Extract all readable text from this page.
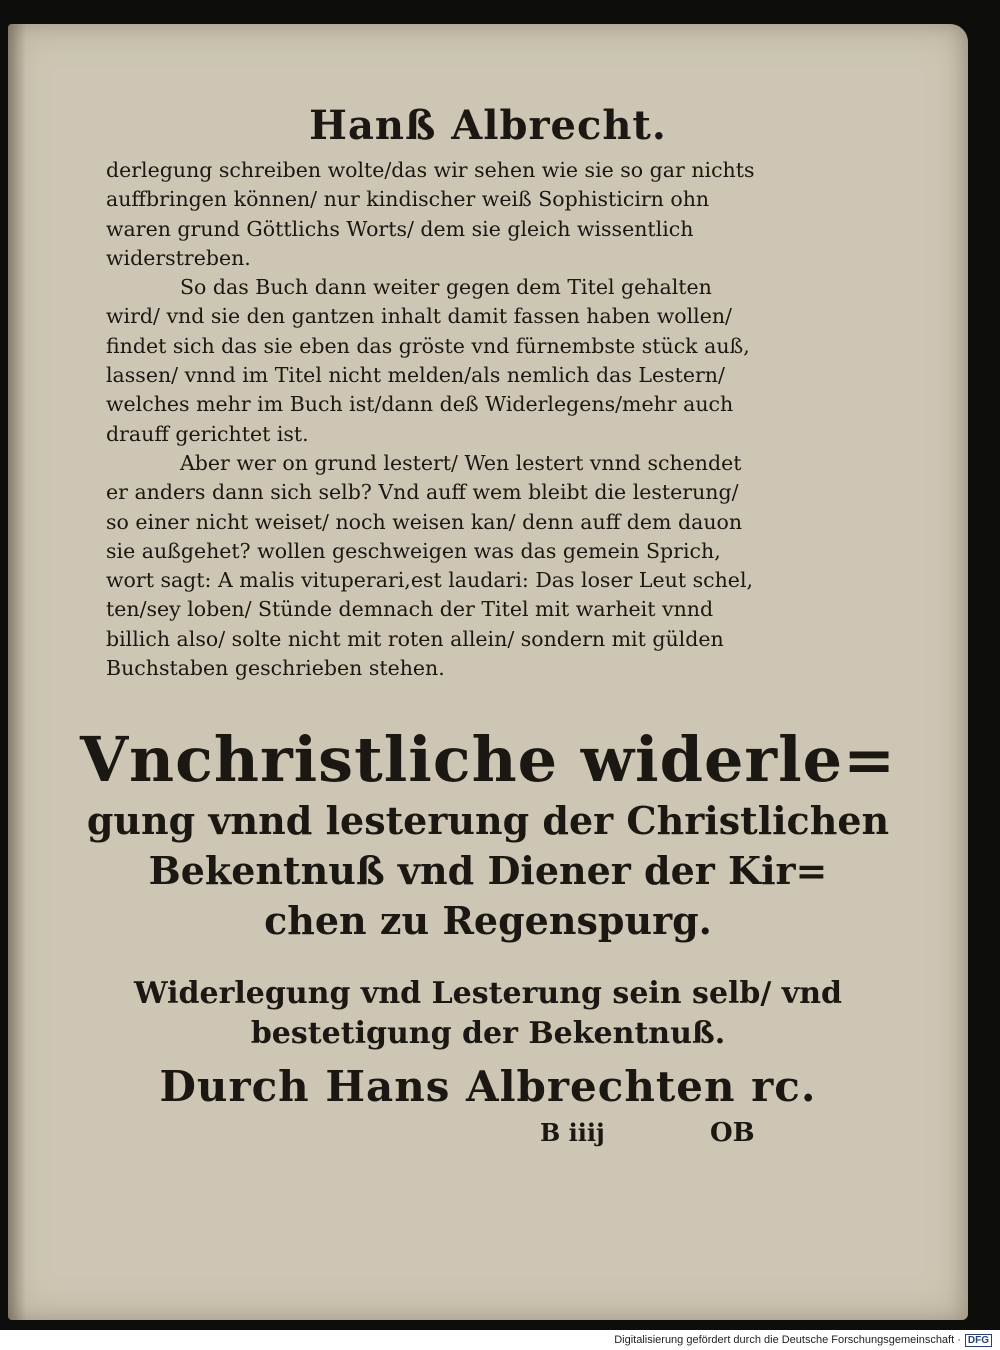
Hanß Albrecht.
derlegung schreiben wolte/das wir sehen wie sie so gar nichts
auffbringen können/ nur kindischer weiß Sophisticirn ohn
waren grund Göttlichs Worts/ dem sie gleich wissentlich
widerstreben.
So das Buch dann weiter gegen dem Titel gehalten
wird/ vnd sie den gantzen inhalt damit fassen haben wollen/
findet sich das sie eben das gröste vnd fürnembste stück auß,
lassen/ vnnd im Titel nicht melden/als nemlich das Lestern/
welches mehr im Buch ist/dann deß Widerlegens/mehr auch
drauff gerichtet ist.
Aber wer on grund lestert/ Wen lestert vnnd schendet
er anders dann sich selb? Vnd auff wem bleibt die lesterung/
so einer nicht weiset/ noch weisen kan/ denn auff dem dauon
sie außgehet? wollen geschweigen was das gemein Sprich,
wort sagt: A malis vituperari,est laudari: Das loser Leut schel,
ten/sey loben/ Stünde demnach der Titel mit warheit vnnd
billich also/ solte nicht mit roten allein/ sondern mit gülden
Buchstaben geschrieben stehen.
Vnchristliche widerle=
gung vnnd lesterung der Christlichen
Bekentnuß vnd Diener der Kir=
chen zu Regenspurg.
Widerlegung vnd Lesterung sein selb/ vnd
bestetigung der Bekentnuß.
Durch Hans Albrechten rc.
B iiij	OB
Digitalisierung gefördert durch die Deutsche Forschungsgemeinschaft · DFG
